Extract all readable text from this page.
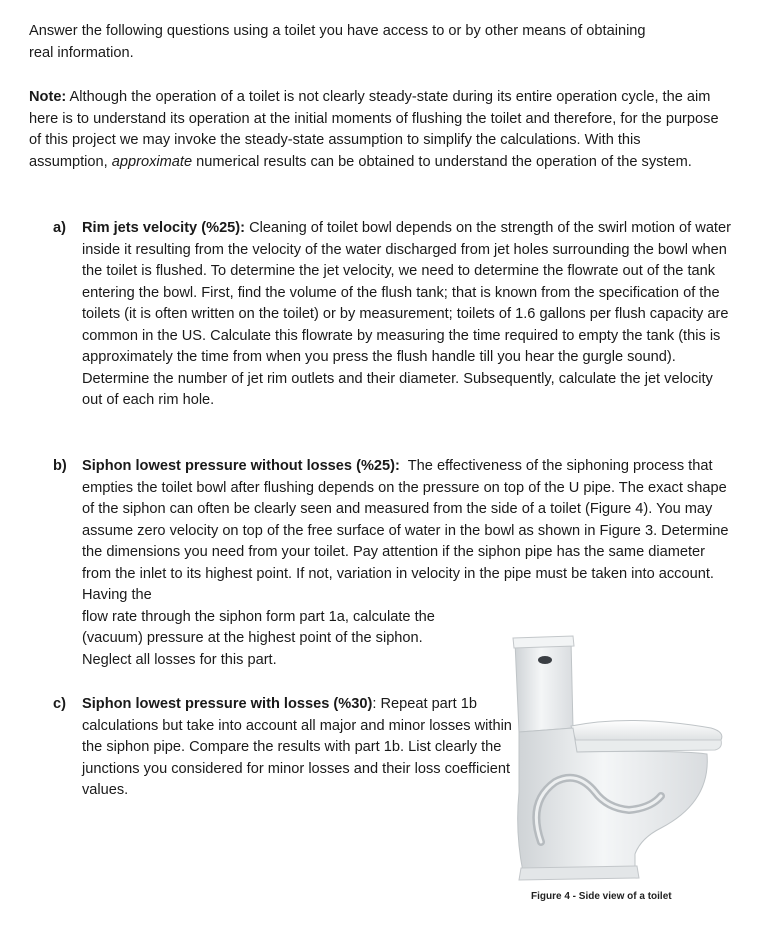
Answer the following questions using a toilet you have access to or by other means of obtaining real information.

Note: Although the operation of a toilet is not clearly steady-state during its entire operation cycle, the aim here is to understand its operation at the initial moments of flushing the toilet and therefore, for the purpose of this project we may invoke the steady-state assumption to simplify the calculations. With this assumption, approximate numerical results can be obtained to understand the operation of the system.

a) Rim jets velocity (%25): Cleaning of toilet bowl depends on the strength of the swirl motion of water inside it resulting from the velocity of the water discharged from jet holes surrounding the bowl when the toilet is flushed. To determine the jet velocity, we need to determine the flowrate out of the tank entering the bowl. First, find the volume of the flush tank; that is known from the specification of the toilets (it is often written on the toilet) or by measurement; toilets of 1.6 gallons per flush capacity are common in the US. Calculate this flowrate by measuring the time required to empty the tank (this is approximately the time from when you press the flush handle till you hear the gurgle sound). Determine the number of jet rim outlets and their diameter. Subsequently, calculate the jet velocity out of each rim hole.

b) Siphon lowest pressure without losses (%25): The effectiveness of the siphoning process that empties the toilet bowl after flushing depends on the pressure on top of the U pipe. The exact shape of the siphon can often be clearly seen and measured from the side of a toilet (Figure 4). You may assume zero velocity on top of the free surface of water in the bowl as shown in Figure 3. Determine the dimensions you need from your toilet. Pay attention if the siphon pipe has the same diameter from the inlet to its highest point. If not, variation in velocity in the pipe must be taken into account. Having the

flow rate through the siphon form part 1a, calculate the (vacuum) pressure at the highest point of the siphon. Neglect all losses for this part.

c) Siphon lowest pressure with losses (%30): Repeat part 1b calculations but take into account all major and minor losses within the siphon pipe. Compare the results with part 1b. List clearly the junctions you considered for minor losses and their loss coefficient values.

Figure 4 - Side view of a toilet
